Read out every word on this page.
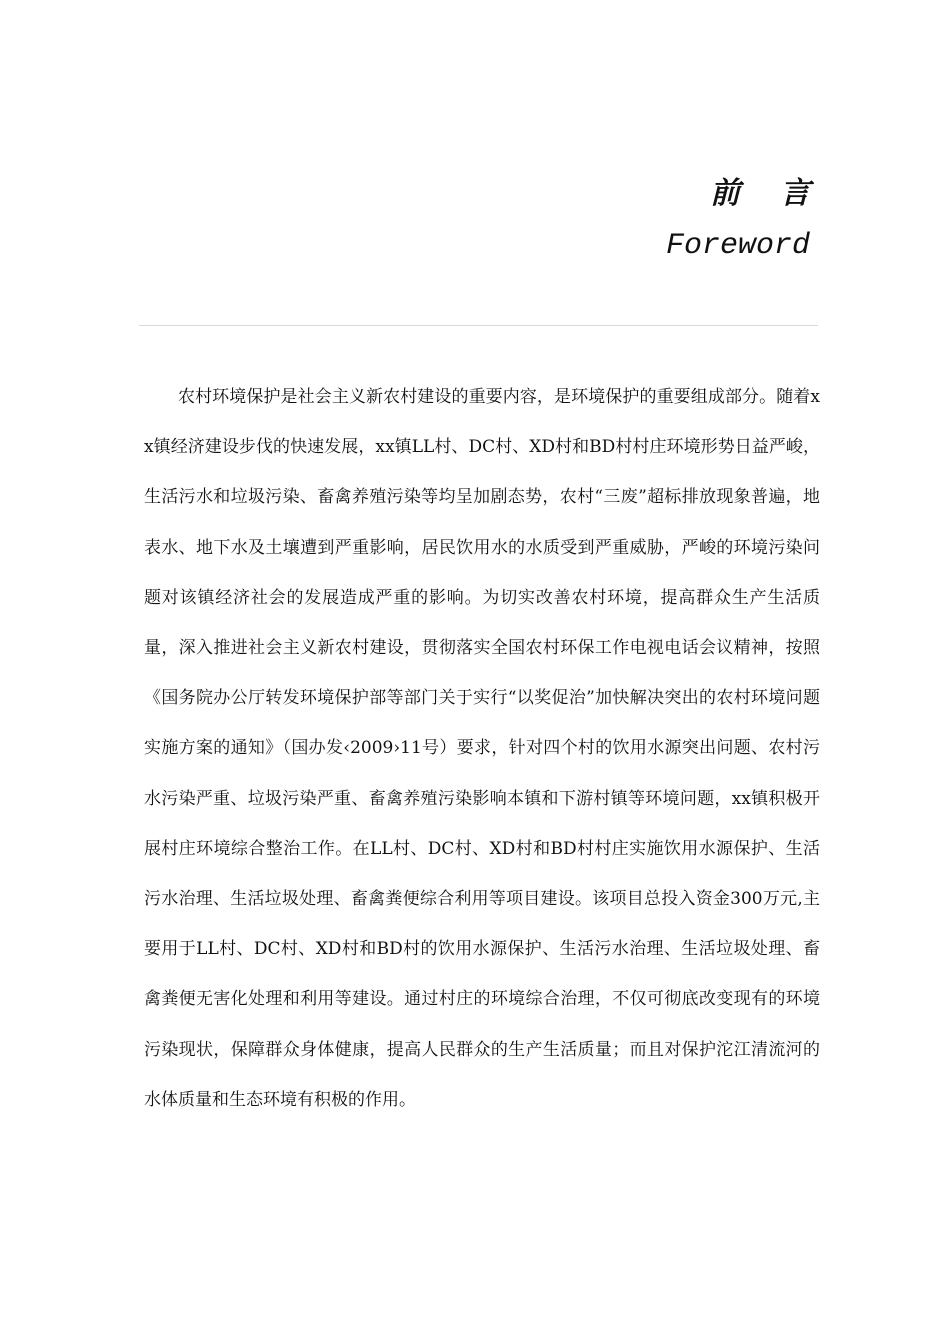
前言
Foreword

农村环境保护是社会主义新农村建设的重要内容，是环境保护的重要组成部分。随着xx镇经济建设步伐的快速发展，xx镇LL村、DC村、XD村和BD村村庄环境形势日益严峻，生活污水和垃圾污染、畜禽养殖污染等均呈加剧态势，农村“三废”超标排放现象普遍，地表水、地下水及土壤遭到严重影响，居民饮用水的水质受到严重威胁，严峻的环境污染问题对该镇经济社会的发展造成严重的影响。为切实改善农村环境，提高群众生产生活质量，深入推进社会主义新农村建设，贯彻落实全国农村环保工作电视电话会议精神，按照《国务院办公厅转发环境保护部等部门关于实行“以奖促治”加快解决突出的农村环境问题实施方案的通知》（国办发‹2009›11号）要求，针对四个村的饮用水源突出问题、农村污水污染严重、垃圾污染严重、畜禽养殖污染影响本镇和下游村镇等环境问题，xx镇积极开展村庄环境综合整治工作。在LL村、DC村、XD村和BD村村庄实施饮用水源保护、生活污水治理、生活垃圾处理、畜禽粪便综合利用等项目建设。该项目总投入资金300万元,主要用于LL村、DC村、XD村和BD村的饮用水源保护、生活污水治理、生活垃圾处理、畜禽粪便无害化处理和利用等建设。通过村庄的环境综合治理，不仅可彻底改变现有的环境污染现状，保障群众身体健康，提高人民群众的生产生活质量；而且对保护沱江清流河的水体质量和生态环境有积极的作用。
